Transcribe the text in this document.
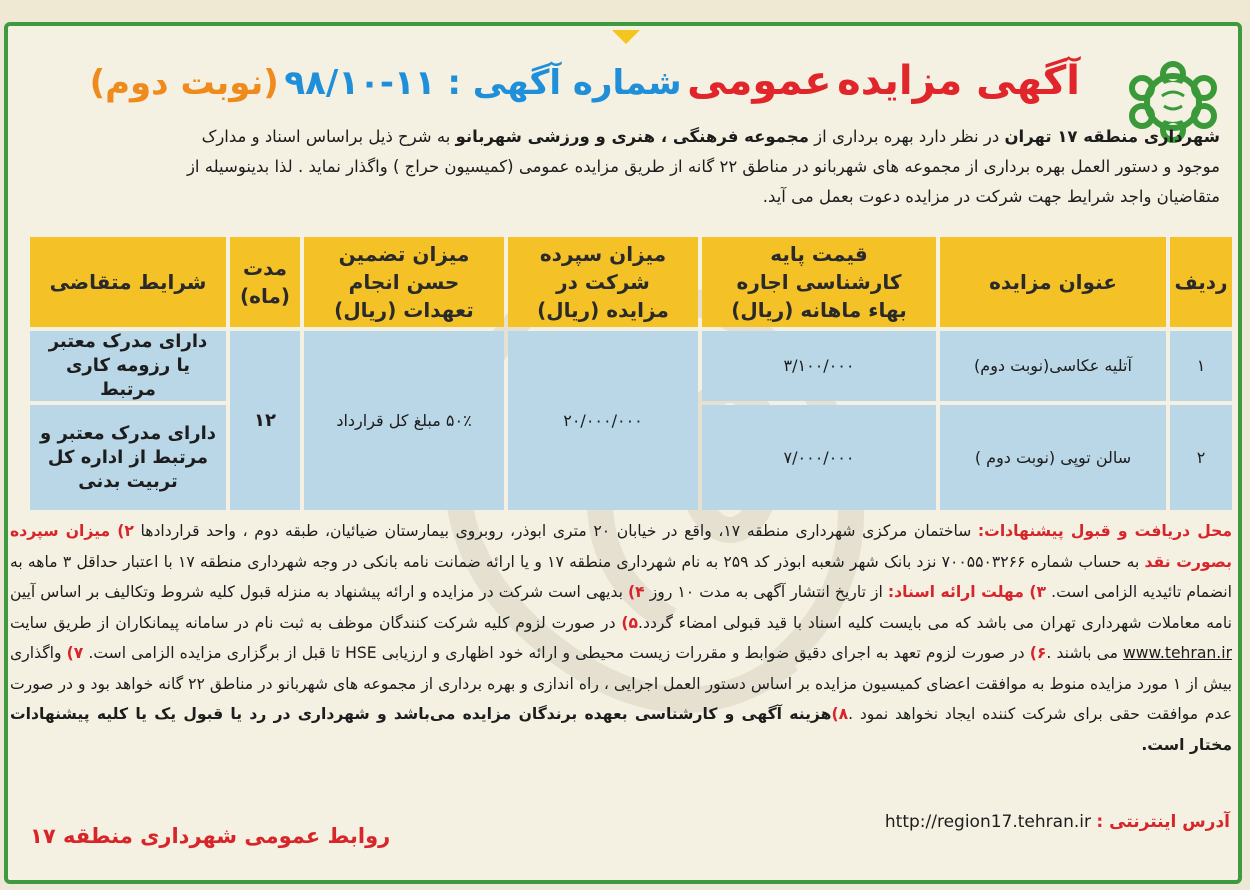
آگهی مزایده عمومی شماره آگهی : ۱۱-۹۸/۱۰ (نوبت دوم)
شهرداری منطقه ۱۷ تهران در نظر دارد بهره برداری از مجموعه فرهنگی ، هنری و ورزشی شهربانو به شرح ذیل براساس اسناد و مدارک موجود و دستور العمل بهره برداری از مجموعه های شهربانو در مناطق ۲۲ گانه از طریق مزایده عمومی (کمیسیون حراج ) واگذار نماید . لذا بدینوسیله از متقاضیان واجد شرایط جهت شرکت در مزایده دعوت بعمل می آید.
ردیف
عنوان مزایده
قیمت پایه کارشناسی اجاره بهاء ماهانه (ریال)
میزان سپرده شرکت در مزایده (ریال)
میزان تضمین حسن انجام تعهدات (ریال)
مدت (ماه)
شرایط متقاضی
۱
آتلیه عکاسی(نوبت دوم)
۳/۱۰۰/۰۰۰
دارای مدرک معتبر یا رزومه کاری مرتبط
۲
سالن توپی (نوبت دوم )
۷/۰۰۰/۰۰۰
دارای مدرک معتبر و مرتبط از اداره کل تربیت بدنی
۲۰/۰۰۰/۰۰۰
۵۰٪ مبلغ کل قرارداد
۱۲
محل دریافت و قبول پیشنهادات: ساختمان مرکزی شهرداری منطقه ۱۷، واقع در خیابان ۲۰ متری ابوذر، روبروی بیمارستان ضیائیان، طبقه دوم ، واحد قراردادها ۲) میزان سپرده بصورت نقد به حساب شماره ۷۰۰۵۵۰۳۲۶۶ نزد بانک شهر شعبه ابوذر کد ۲۵۹ به نام شهرداری منطقه ۱۷ و یا ارائه ضمانت نامه بانکی در وجه شهرداری منطقه ۱۷ با اعتبار حداقل ۳ ماهه به انضمام تائیدیه الزامی است. ۳) مهلت ارائه اسناد: از تاریخ انتشار آگهی به مدت ۱۰ روز ۴) بدیهی است شرکت در مزایده و ارائه پیشنهاد به منزله قبول کلیه شروط وتکالیف بر اساس آیین نامه معاملات شهرداری تهران می باشد که می بایست کلیه اسناد با قید قبولی امضاء گردد.۵) در صورت لزوم کلیه شرکت کنندگان موظف به ثبت نام در سامانه پیمانکاران از طریق سایت www.tehran.ir می باشند .۶) در صورت لزوم تعهد به اجرای دقیق ضوابط و مقررات زیست محیطی و ارائه خود اظهاری و ارزیابی HSE تا قبل از برگزاری مزایده الزامی است. ۷) واگذاری بیش از ۱ مورد مزایده منوط به موافقت اعضای کمیسیون مزایده بر اساس دستور العمل اجرایی ، راه اندازی و بهره برداری از مجموعه های شهربانو در مناطق ۲۲ گانه خواهد بود و در صورت عدم موافقت حقی برای شرکت کننده ایجاد نخواهد نمود .۸)هزینه آگهی و کارشناسی بعهده برندگان مزایده می‌باشد و شهرداری در رد یا قبول یک یا کلیه پیشنهادات مختار است.
آدرس اینترنتی : http://region17.tehran.ir
روابط عمومی شهرداری منطقه ۱۷
